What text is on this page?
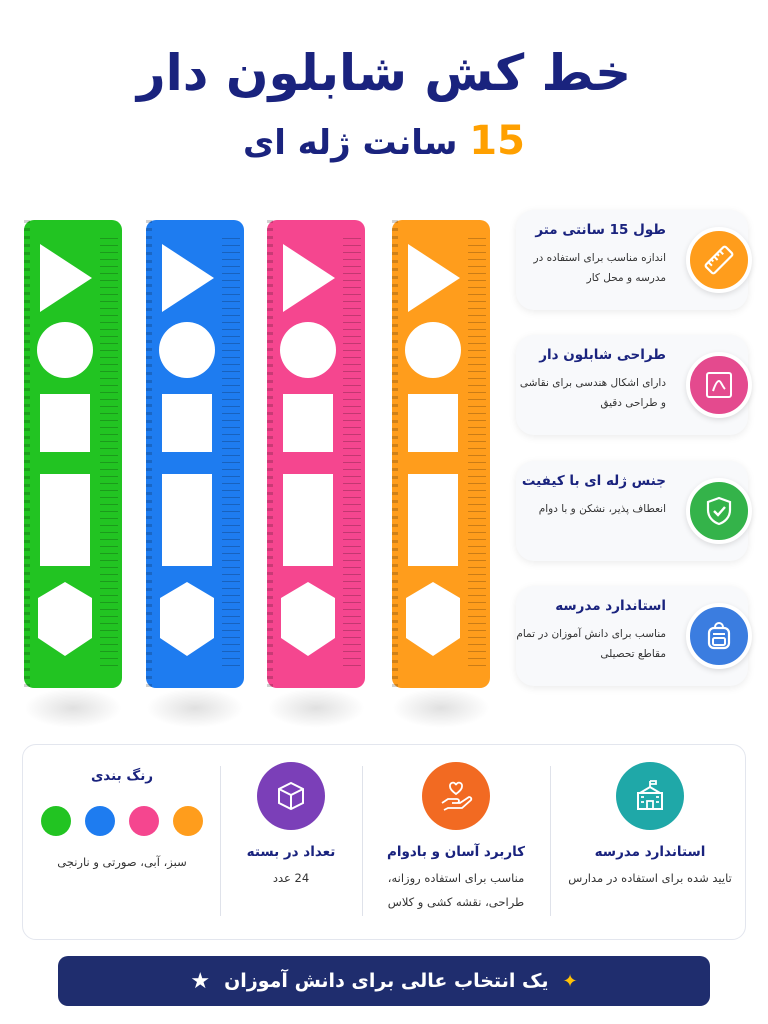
خط کش شابلون دار
15 سانت ژله ای
طول 15 سانتی متر
اندازه مناسب برای استفاده در مدرسه و محل کار
طراحی شابلون دار
دارای اشکال هندسی برای نقاشی و طراحی دقیق
جنس ژله ای با کیفیت
انعطاف پذیر، نشکن و با دوام
استاندارد مدرسه
مناسب برای دانش آموزان در تمام مقاطع تحصیلی
استاندارد مدرسه
تایید شده برای استفاده در مدارس
کاربرد آسان و بادوام
مناسب برای استفاده روزانه، طراحی، نقشه کشی و کلاس
تعداد در بسته
24 عدد
رنگ بندی
سبز، آبی، صورتی و نارنجی
✦
یک انتخاب عالی برای دانش آموزان
★
